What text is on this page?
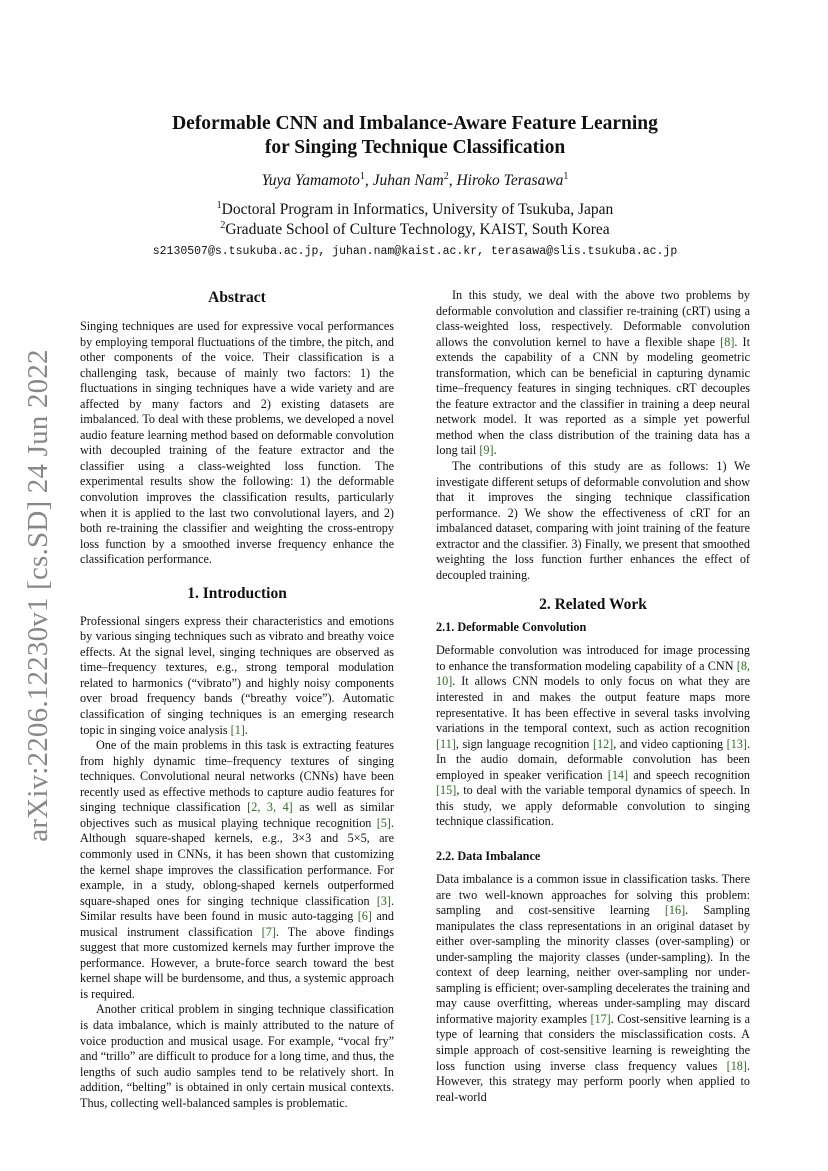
arXiv:2206.12230v1 [cs.SD] 24 Jun 2022
Deformable CNN and Imbalance-Aware Feature Learning
for Singing Technique Classification
Yuya Yamamoto$^1$, Juhan Nam$^2$, Hiroko Terasawa$^1$
$^1$Doctoral Program in Informatics, University of Tsukuba, Japan
$^2$Graduate School of Culture Technology, KAIST, South Korea
s2130507@s.tsukuba.ac.jp, juhan.nam@kaist.ac.kr, terasawa@slis.tsukuba.ac.jp
Abstract

Singing techniques are used for expressive vocal performances by employing temporal fluctuations of the timbre, the pitch, and other components of the voice. Their classification is a challenging task, because of mainly two factors: 1) the fluctuations in singing techniques have a wide variety and are affected by many factors and 2) existing datasets are imbalanced. To deal with these problems, we developed a novel audio feature learning method based on deformable convolution with decoupled training of the feature extractor and the classifier using a class-weighted loss function. The experimental results show the following: 1) the deformable convolution improves the classification results, particularly when it is applied to the last two convolutional layers, and 2) both re-training the classifier and weighting the cross-entropy loss function by a smoothed inverse frequency enhance the classification performance.

1. Introduction

Professional singers express their characteristics and emotions by various singing techniques such as vibrato and breathy voice effects. At the signal level, singing techniques are observed as time–frequency textures, e.g., strong temporal modulation related to harmonics (“vibrato”) and highly noisy components over broad frequency bands (“breathy voice”). Automatic classification of singing techniques is an emerging research topic in singing voice analysis [1].

One of the main problems in this task is extracting features from highly dynamic time–frequency textures of singing techniques. Convolutional neural networks (CNNs) have been recently used as effective methods to capture audio features for singing technique classification [2, 3, 4] as well as similar objectives such as musical playing technique recognition [5]. Although square-shaped kernels, e.g., 3×3 and 5×5, are commonly used in CNNs, it has been shown that customizing the kernel shape improves the classification performance. For example, in a study, oblong-shaped kernels outperformed square-shaped ones for singing technique classification [3]. Similar results have been found in music auto-tagging [6] and musical instrument classification [7]. The above findings suggest that more customized kernels may further improve the performance. However, a brute-force search toward the best kernel shape will be burdensome, and thus, a systemic approach is required.

Another critical problem in singing technique classification is data imbalance, which is mainly attributed to the nature of voice production and musical usage. For example, “vocal fry” and “trillo” are difficult to produce for a long time, and thus, the lengths of such audio samples tend to be relatively short. In addition, “belting” is obtained in only certain musical contexts. Thus, collecting well-balanced samples is problematic.

In this study, we deal with the above two problems by deformable convolution and classifier re-training (cRT) using a class-weighted loss, respectively. Deformable convolution allows the convolution kernel to have a flexible shape [8]. It extends the capability of a CNN by modeling geometric transformation, which can be beneficial in capturing dynamic time–frequency features in singing techniques. cRT decouples the feature extractor and the classifier in training a deep neural network model. It was reported as a simple yet powerful method when the class distribution of the training data has a long tail [9].

The contributions of this study are as follows: 1) We investigate different setups of deformable convolution and show that it improves the singing technique classification performance. 2) We show the effectiveness of cRT for an imbalanced dataset, comparing with joint training of the feature extractor and the classifier. 3) Finally, we present that smoothed weighting the loss function further enhances the effect of decoupled training.

2. Related Work
2.1. Deformable Convolution

Deformable convolution was introduced for image processing to enhance the transformation modeling capability of a CNN [8, 10]. It allows CNN models to only focus on what they are interested in and makes the output feature maps more representative. It has been effective in several tasks involving variations in the temporal context, such as action recognition [11], sign language recognition [12], and video captioning [13]. In the audio domain, deformable convolution has been employed in speaker verification [14] and speech recognition [15], to deal with the variable temporal dynamics of speech. In this study, we apply deformable convolution to singing technique classification.

2.2. Data Imbalance

Data imbalance is a common issue in classification tasks. There are two well-known approaches for solving this problem: sampling and cost-sensitive learning [16]. Sampling manipulates the class representations in an original dataset by either over-sampling the minority classes (over-sampling) or under-sampling the majority classes (under-sampling). In the context of deep learning, neither over-sampling nor under-sampling is efficient; over-sampling decelerates the training and may cause overfitting, whereas under-sampling may discard informative majority examples [17]. Cost-sensitive learning is a type of learning that considers the misclassification costs. A simple approach of cost-sensitive learning is reweighting the loss function using inverse class frequency values [18]. However, this strategy may perform poorly when applied to real-world
